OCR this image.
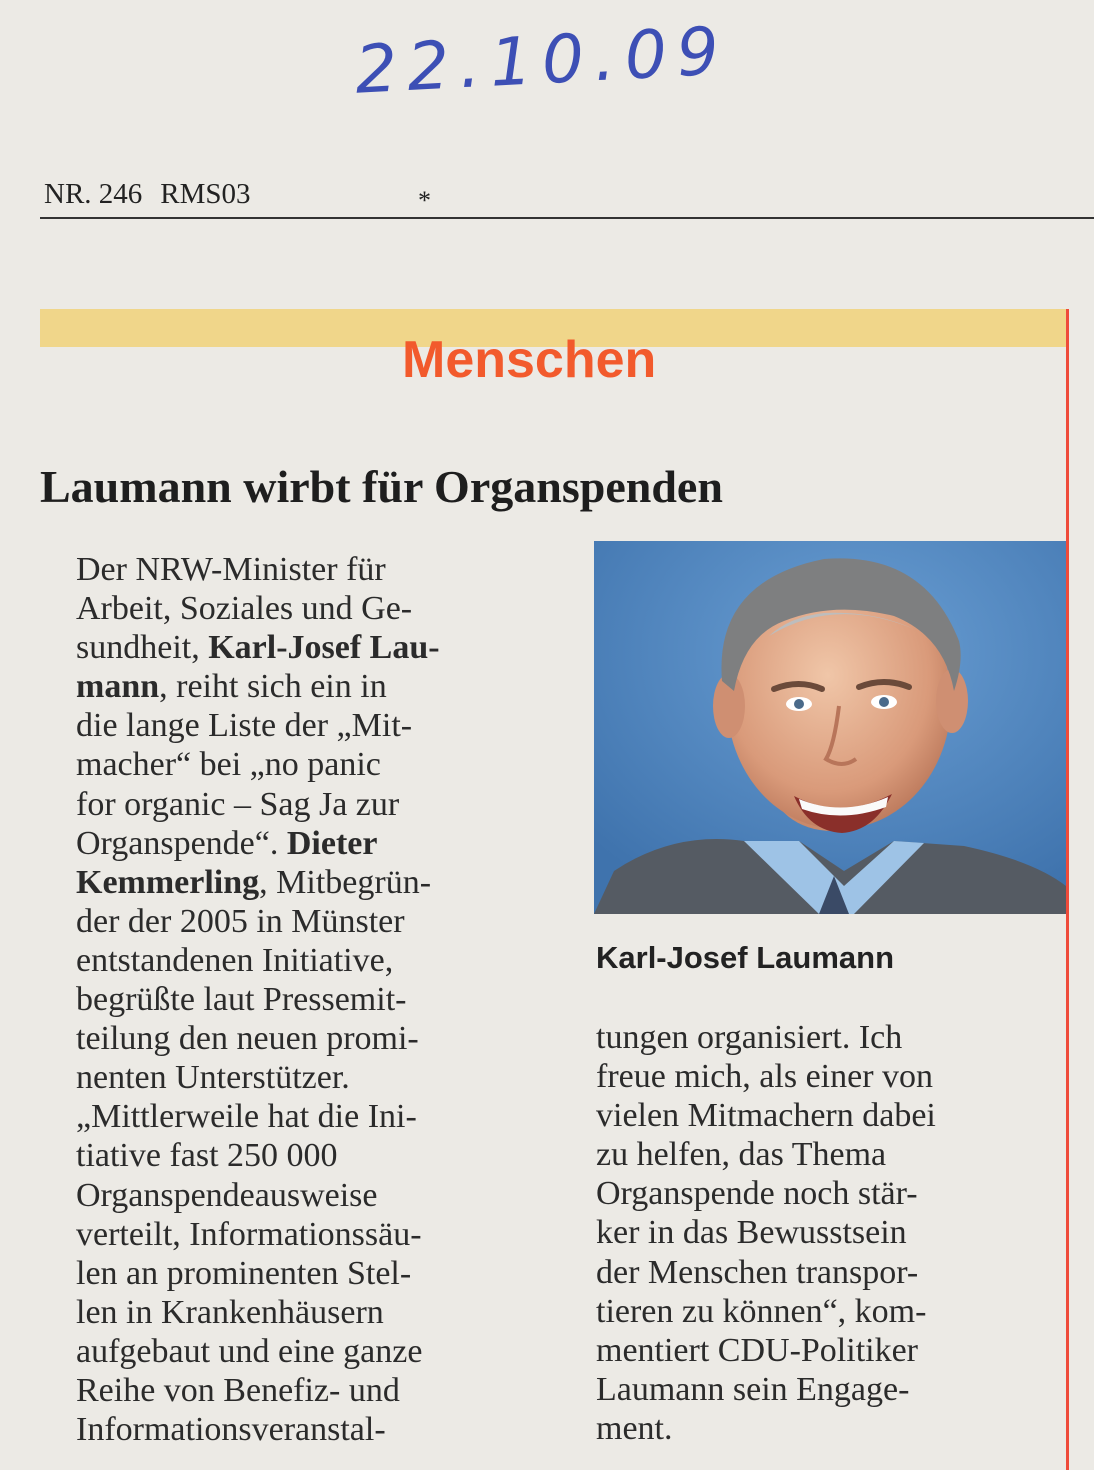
22.10.09
NR. 246 RMS03	*
Menschen
Laumann wirbt für Organspenden
Der NRW-Minister für
Arbeit, Soziales und Ge-
sundheit, Karl-Josef Lau-
mann, reiht sich ein in
die lange Liste der „Mit-
macher“ bei „no panic
for organic – Sag Ja zur
Organspende“. Dieter
Kemmerling, Mitbegrün-
der der 2005 in Münster
entstandenen Initiative,
begrüßte laut Pressemit-
teilung den neuen promi-
nenten Unterstützer.
„Mittlerweile hat die Ini-
tiative fast 250 000
Organspendeausweise
verteilt, Informationssäu-
len an prominenten Stel-
len in Krankenhäusern
aufgebaut und eine ganze
Reihe von Benefiz- und
Informationsveranstal-
Karl-Josef Laumann
tungen organisiert. Ich
freue mich, als einer von
vielen Mitmachern dabei
zu helfen, das Thema
Organspende noch stär-
ker in das Bewusstsein
der Menschen transpor-
tieren zu können“, kom-
mentiert CDU-Politiker
Laumann sein Engage-
ment.
